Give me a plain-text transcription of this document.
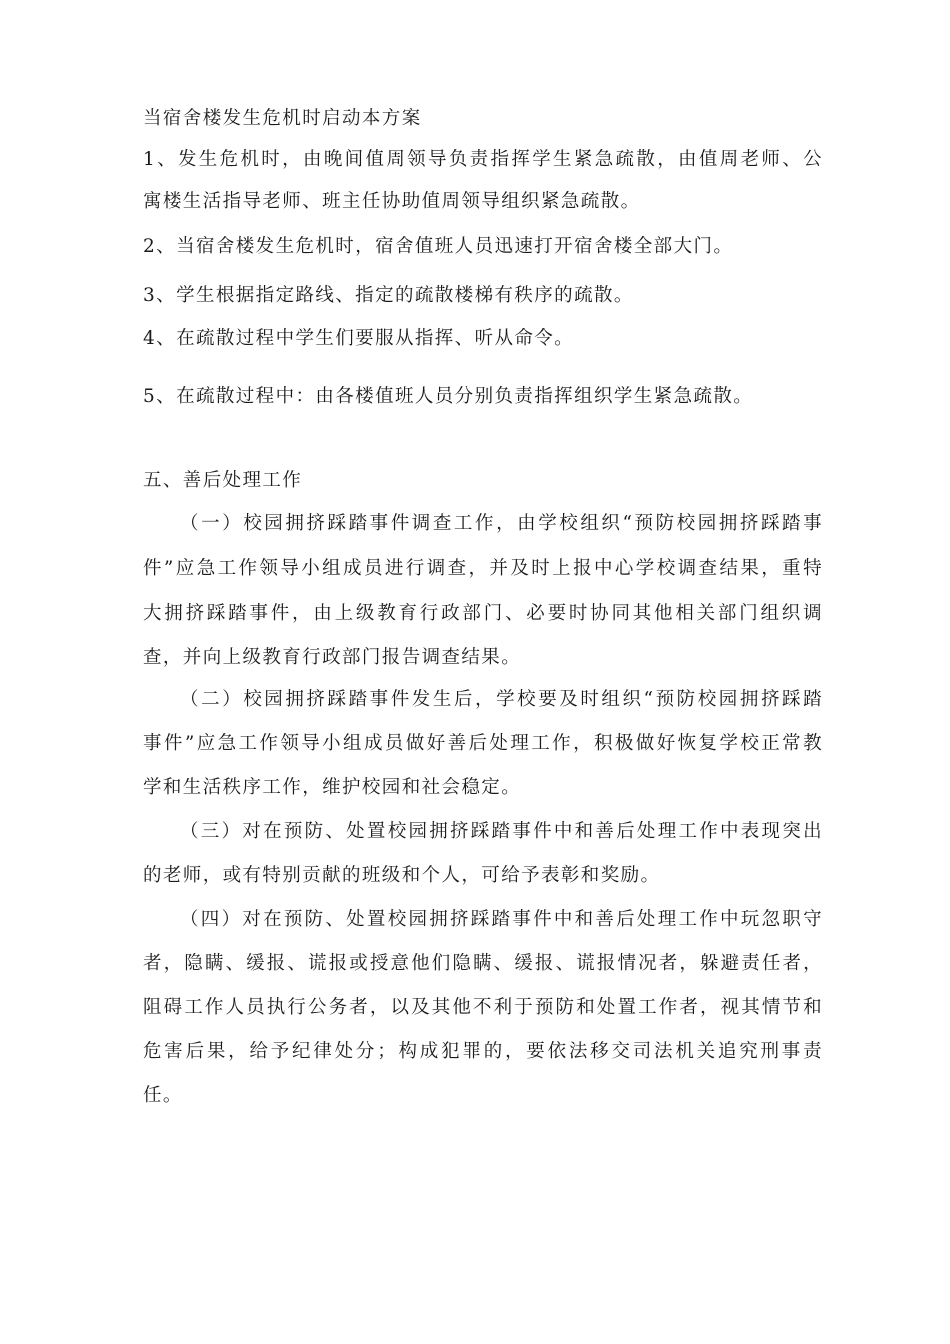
当宿舍楼发生危机时启动本方案
1、发生危机时，由晚间值周领导负责指挥学生紧急疏散，由值周老师、公
寓楼生活指导老师、班主任协助值周领导组织紧急疏散。
2、当宿舍楼发生危机时，宿舍值班人员迅速打开宿舍楼全部大门。
3、学生根据指定路线、指定的疏散楼梯有秩序的疏散。
4、在疏散过程中学生们要服从指挥、听从命令。
5、在疏散过程中：由各楼值班人员分别负责指挥组织学生紧急疏散。
五、善后处理工作
（一）校园拥挤踩踏事件调查工作，由学校组织“预防校园拥挤踩踏事
件”应急工作领导小组成员进行调查，并及时上报中心学校调查结果，重特
大拥挤踩踏事件，由上级教育行政部门、必要时协同其他相关部门组织调
查，并向上级教育行政部门报告调查结果。
（二）校园拥挤踩踏事件发生后，学校要及时组织“预防校园拥挤踩踏
事件”应急工作领导小组成员做好善后处理工作，积极做好恢复学校正常教
学和生活秩序工作，维护校园和社会稳定。
（三）对在预防、处置校园拥挤踩踏事件中和善后处理工作中表现突出
的老师，或有特别贡献的班级和个人，可给予表彰和奖励。
（四）对在预防、处置校园拥挤踩踏事件中和善后处理工作中玩忽职守
者，隐瞒、缓报、谎报或授意他们隐瞒、缓报、谎报情况者，躲避责任者，
阻碍工作人员执行公务者，以及其他不利于预防和处置工作者，视其情节和
危害后果，给予纪律处分；构成犯罪的，要依法移交司法机关追究刑事责
任。
